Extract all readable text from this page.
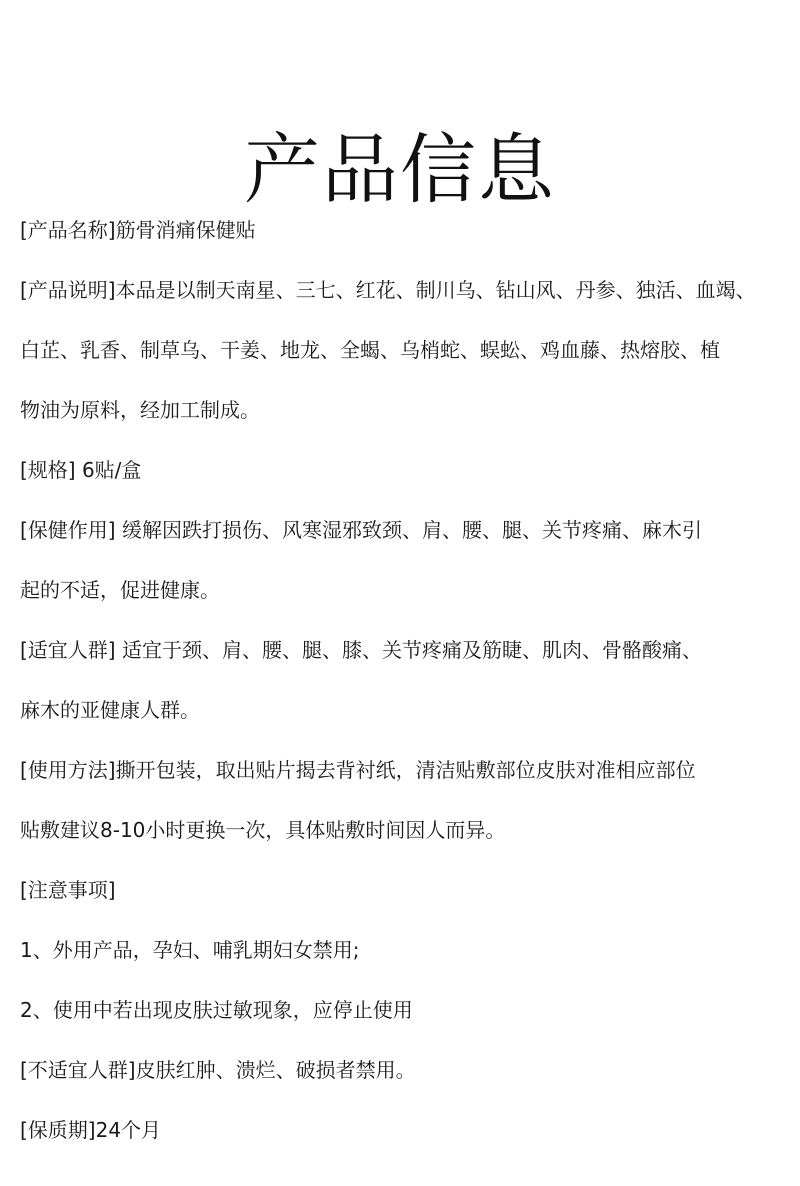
产品信息
[产品名称]筋骨消痛保健贴
[产品说明]本品是以制天南星、三七、红花、制川乌、钻山风、丹参、独活、血竭、
白芷、乳香、制草乌、干姜、地龙、全蝎、乌梢蛇、蜈蚣、鸡血藤、热熔胶、植
物油为原料，经加工制成。
[规格] 6贴/盒
[保健作用] 缓解因跌打损伤、风寒湿邪致颈、肩、腰、腿、关节疼痛、麻木引
起的不适，促进健康。
[适宜人群] 适宜于颈、肩、腰、腿、膝、关节疼痛及筋睫、肌肉、骨骼酸痛、
麻木的亚健康人群。
[使用方法]撕开包装，取出贴片揭去背衬纸，清洁贴敷部位皮肤对准相应部位
贴敷建议8-10小时更换一次，具体贴敷时间因人而异。
[注意事项]
1、外用产品，孕妇、哺乳期妇女禁用;
2、使用中若出现皮肤过敏现象，应停止使用
[不适宜人群]皮肤红肿、溃烂、破损者禁用。
[保质期]24个月
